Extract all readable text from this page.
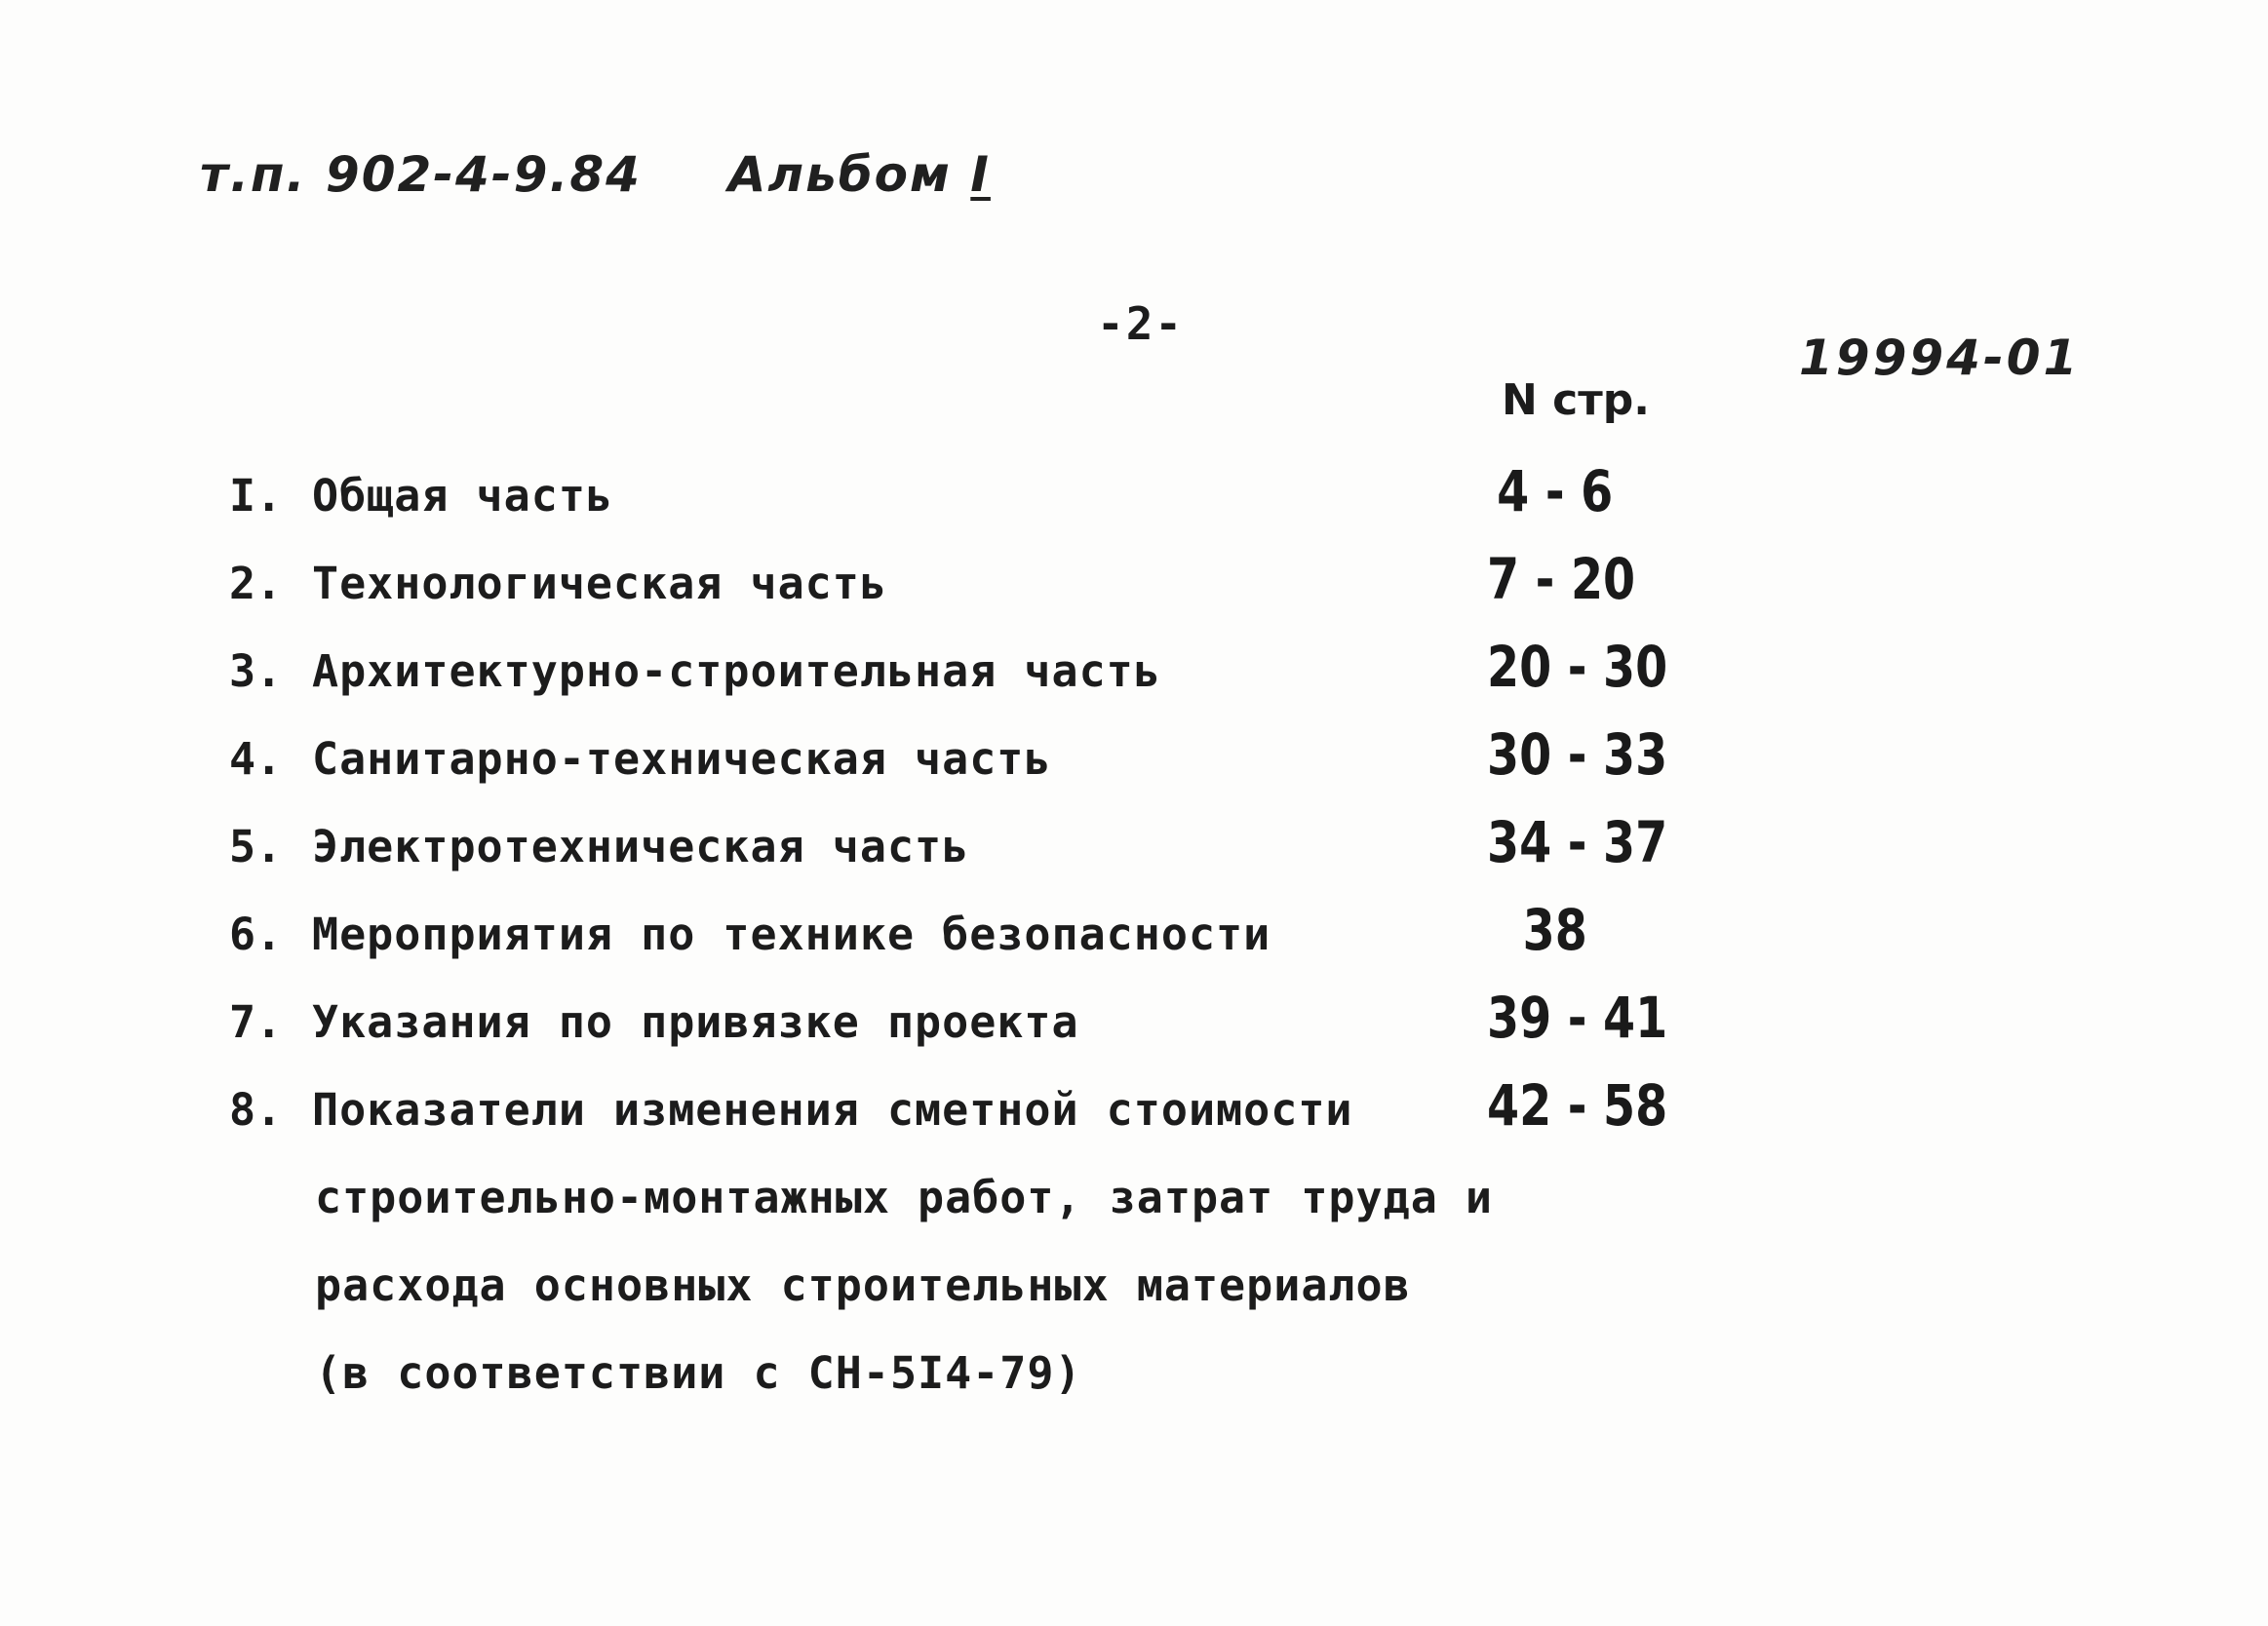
т.п. 902-4-9.84 Альбом I
-2-
19994-01
N стр.
I. Общая часть	4 - 6
2. Технологическая часть	7 - 20
3. Архитектурно-строительная часть	20 - 30
4. Санитарно-техническая часть	30 - 33
5. Электротехническая часть	34 - 37
6. Мероприятия по технике безопасности	38
7. Указания по привязке проекта	39 - 41
8. Показатели изменения сметной стоимости 42 - 58
строительно-монтажных работ, затрат труда и
расхода основных строительных материалов
(в соответствии с СН-5I4-79)
